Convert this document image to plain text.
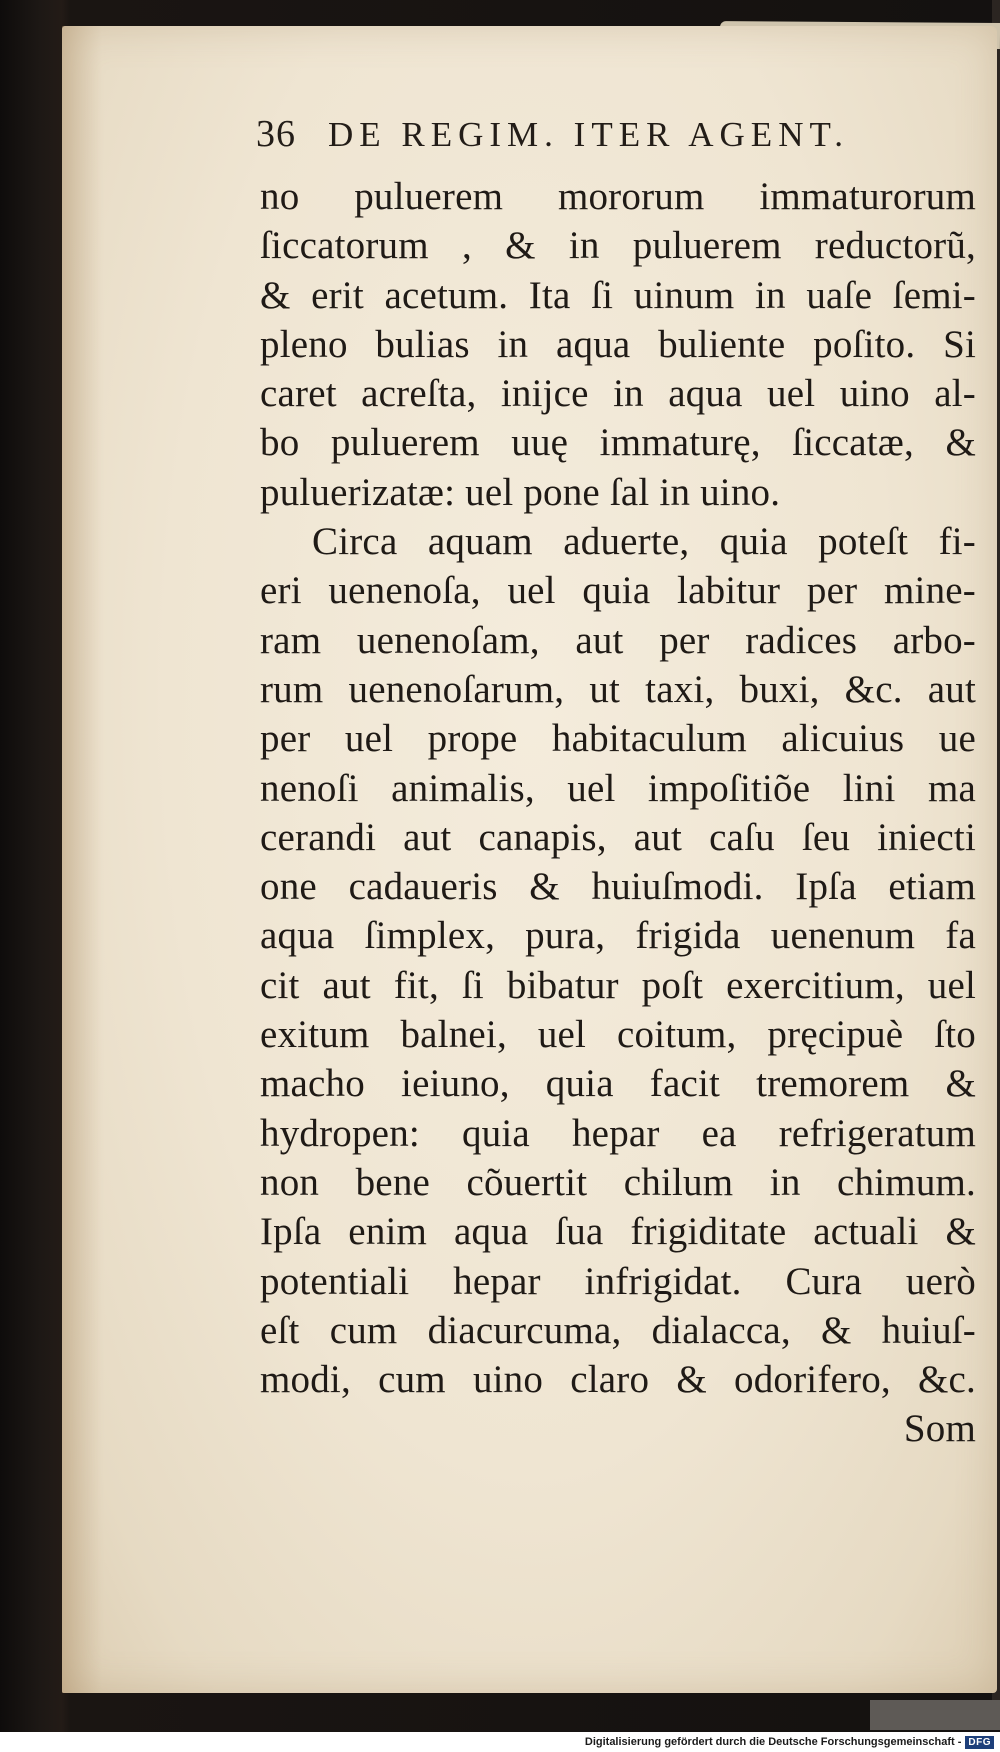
36 DE REGIM. ITER AGENT.
no puluerem mororum immaturorum
ſiccatorum , & in puluerem reductorũ,
& erit acetum. Ita ſi uinum in uaſe ſemi-
pleno bulias in aqua buliente poſito. Si
caret acreſta, inijce in aqua uel uino al-
bo puluerem uuę immaturę, ſiccatæ, &
puluerizatæ: uel pone ſal in uino.
Circa aquam aduerte, quia poteſt fi-
eri uenenoſa, uel quia labitur per mine-
ram uenenoſam, aut per radices arbo-
rum uenenoſarum, ut taxi, buxi, &c. aut
per uel prope habitaculum alicuius ue
nenoſi animalis, uel impoſitiõe lini ma
cerandi aut canapis, aut caſu ſeu iniecti
one cadaueris & huiuſmodi. Ipſa etiam
aqua ſimplex, pura, frigida uenenum fa
cit aut fit, ſi bibatur poſt exercitium, uel
exitum balnei, uel coitum, pręcipuè ſto
macho ieiuno, quia facit tremorem &
hydropen: quia hepar ea refrigeratum
non bene cõuertit chilum in chimum.
Ipſa enim aqua ſua frigiditate actuali &
potentiali hepar infrigidat. Cura uerò
eſt cum diacurcuma, dialacca, & huiuſ-
modi, cum uino claro & odorifero, &c.
Som
Digitalisierung gefördert durch die Deutsche Forschungsgemeinschaft - DFG
